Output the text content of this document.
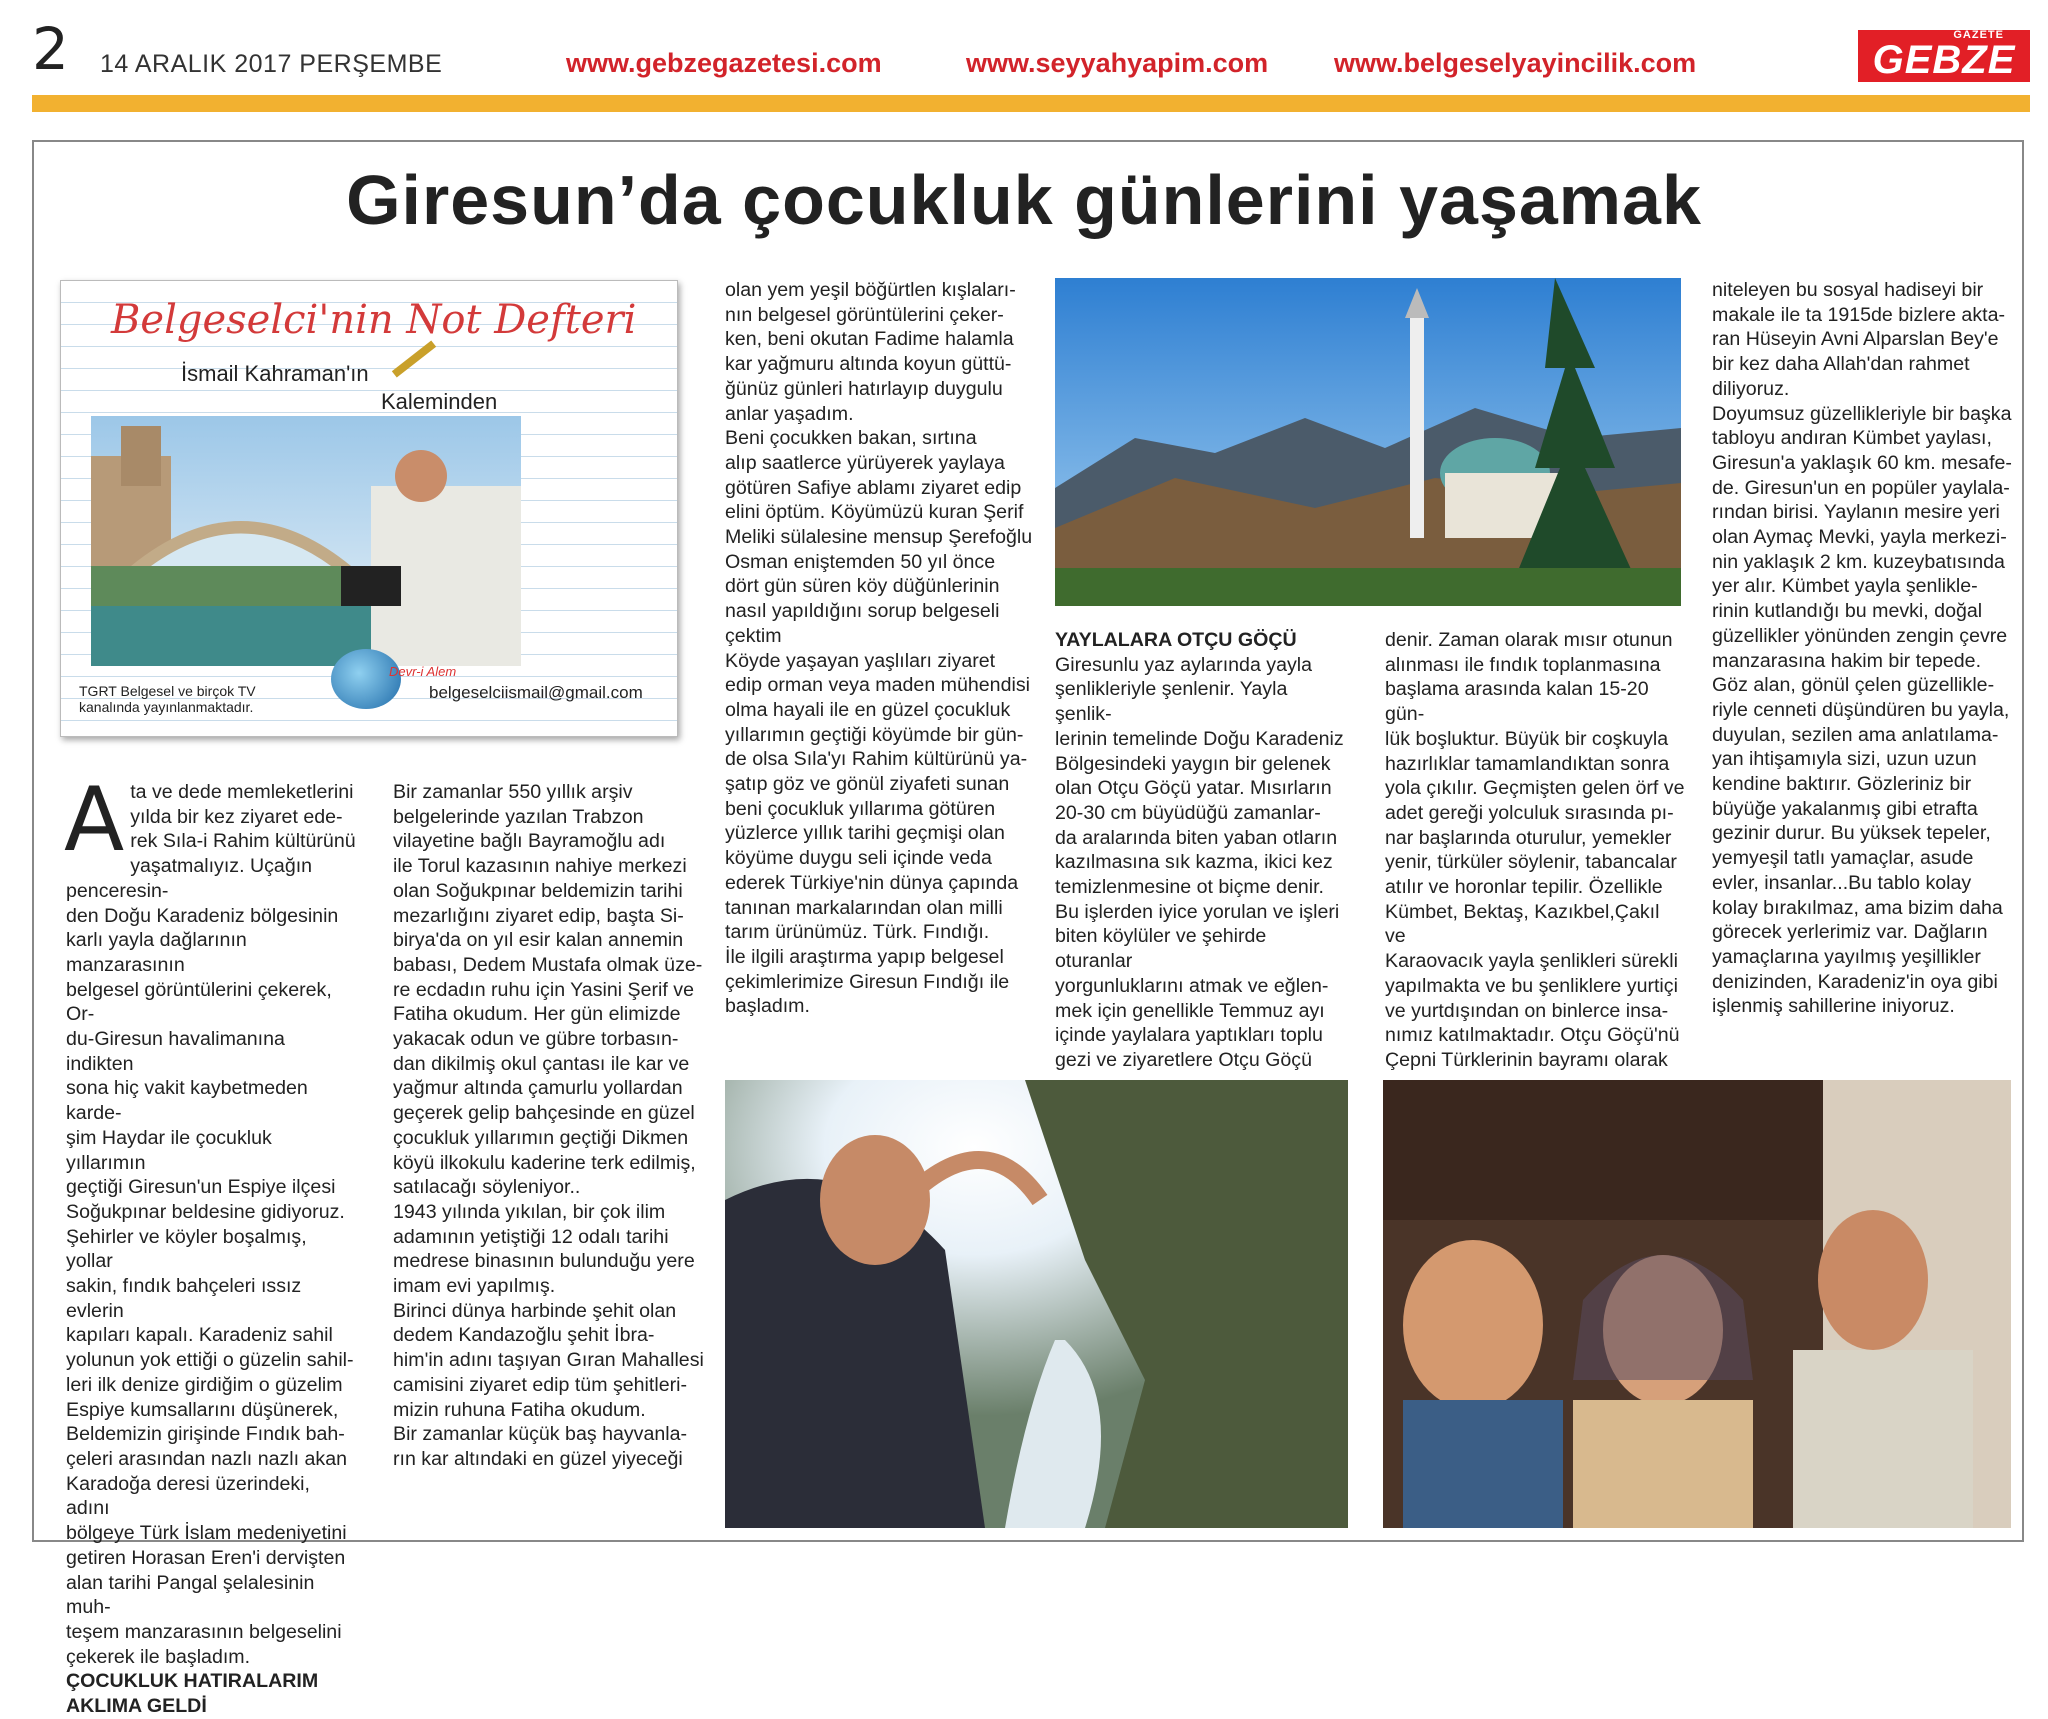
2 14 ARALIK 2017 PERŞEMBE	www.gebzegazetesi.com	www.seyyahyapim.com www.belgeselyayincilik.com
GAZETE
GEBZE
Giresun’da çocukluk günlerini yaşamak
Belgeselci'nin Not Defteri
İsmail Kahraman'ın
Kaleminden
Devr-i Alem
TGRT Belgesel ve birçok TV
kanalında yayınlanmaktadır.
belgeselciismail@gmail.com
A ta ve dede memleketlerini
yılda bir kez ziyaret ede-
rek Sıla-i Rahim kültürünü
yaşatmalıyız. Uçağın penceresin-
den Doğu Karadeniz bölgesinin
karlı yayla dağlarının manzarasının
belgesel görüntülerini çekerek, Or-
du-Giresun havalimanına indikten
sona hiç vakit kaybetmeden karde-
şim Haydar ile çocukluk yıllarımın
geçtiği Giresun'un Espiye ilçesi
Soğukpınar beldesine gidiyoruz.
Şehirler ve köyler boşalmış, yollar
sakin, fındık bahçeleri ıssız evlerin
kapıları kapalı. Karadeniz sahil
yolunun yok ettiği o güzelin sahil-
leri ilk denize girdiğim o güzelim
Espiye kumsallarını düşünerek,
Beldemizin girişinde Fındık bah-
çeleri arasından nazlı nazlı akan
Karadoğa deresi üzerindeki, adını
bölgeye Türk İslam medeniyetini
getiren Horasan Eren'i dervişten
alan tarihi Pangal şelalesinin muh-
teşem manzarasının belgeselini
çekerek ile başladım.
ÇOCUKLUK HATIRALARIM
AKLIMA GELDİ
Bir zamanlar 550 yıllık arşiv
belgelerinde yazılan Trabzon
vilayetine bağlı Bayramoğlu adı
ile Torul kazasının nahiye merkezi
olan Soğukpınar beldemizin tarihi
mezarlığını ziyaret edip, başta Si-
birya'da on yıl esir kalan annemin
babası, Dedem Mustafa olmak üze-
re ecdadın ruhu için Yasini Şerif ve
Fatiha okudum. Her gün elimizde
yakacak odun ve gübre torbasın-
dan dikilmiş okul çantası ile kar ve
yağmur altında çamurlu yollardan
geçerek gelip bahçesinde en güzel
çocukluk yıllarımın geçtiği Dikmen
köyü ilkokulu kaderine terk edilmiş,
satılacağı söyleniyor..
1943 yılında yıkılan, bir çok ilim
adamının yetiştiği 12 odalı tarihi
medrese binasının bulunduğu yere
imam evi yapılmış.
Birinci dünya harbinde şehit olan
dedem Kandazoğlu şehit İbra-
him'in adını taşıyan Gıran Mahallesi
camisini ziyaret edip tüm şehitleri-
mizin ruhuna Fatiha okudum.
Bir zamanlar küçük baş hayvanla-
rın kar altındaki en güzel yiyeceği
olan yem yeşil böğürtlen kışlaları-
nın belgesel görüntülerini çeker-
ken, beni okutan Fadime halamla
kar yağmuru altında koyun güttü-
ğünüz günleri hatırlayıp duygulu
anlar yaşadım.
Beni çocukken bakan, sırtına
alıp saatlerce yürüyerek yaylaya
götüren Safiye ablamı ziyaret edip
elini öptüm. Köyümüzü kuran Şerif
Meliki sülalesine mensup Şerefoğlu
Osman eniştemden 50 yıl önce
dört gün süren köy düğünlerinin
nasıl yapıldığını sorup belgeseli
çektim
Köyde yaşayan yaşlıları ziyaret
edip orman veya maden mühendisi
olma hayali ile en güzel çocukluk
yıllarımın geçtiği köyümde bir gün-
de olsa Sıla'yı Rahim kültürünü ya-
şatıp göz ve gönül ziyafeti sunan
beni çocukluk yıllarıma götüren
yüzlerce yıllık tarihi geçmişi olan
köyüme duygu seli içinde veda
ederek Türkiye'nin dünya çapında
tanınan markalarından olan milli
tarım ürünümüz. Türk. Fındığı.
İle ilgili araştırma yapıp belgesel
çekimlerimize Giresun Fındığı ile
başladım.
YAYLALARA OTÇU GÖÇÜ
Giresunlu yaz aylarında yayla
şenlikleriyle şenlenir. Yayla şenlik-
lerinin temelinde Doğu Karadeniz
Bölgesindeki yaygın bir gelenek
olan Otçu Göçü yatar. Mısırların
20-30 cm büyüdüğü zamanlar-
da aralarında biten yaban otların
kazılmasına sık kazma, ikici kez
temizlenmesine ot biçme denir.
Bu işlerden iyice yorulan ve işleri
biten köylüler ve şehirde oturanlar
yorgunluklarını atmak ve eğlen-
mek için genellikle Temmuz ayı
içinde yaylalara yaptıkları toplu
gezi ve ziyaretlere Otçu Göçü
denir. Zaman olarak mısır otunun
alınması ile fındık toplanmasına
başlama arasında kalan 15-20 gün-
lük boşluktur. Büyük bir coşkuyla
hazırlıklar tamamlandıktan sonra
yola çıkılır. Geçmişten gelen örf ve
adet gereği yolculuk sırasında pı-
nar başlarında oturulur, yemekler
yenir, türküler söylenir, tabancalar
atılır ve horonlar tepilir. Özellikle
Kümbet, Bektaş, Kazıkbel,Çakıl ve
Karaovacık yayla şenlikleri sürekli
yapılmakta ve bu şenliklere yurtiçi
ve yurtdışından on binlerce insa-
nımız katılmaktadır. Otçu Göçü'nü
Çepni Türklerinin bayramı olarak
niteleyen bu sosyal hadiseyi bir
makale ile ta 1915de bizlere akta-
ran Hüseyin Avni Alparslan Bey'e
bir kez daha Allah'dan rahmet
diliyoruz.
Doyumsuz güzellikleriyle bir başka
tabloyu andıran Kümbet yaylası,
Giresun'a yaklaşık 60 km. mesafe-
de. Giresun'un en popüler yaylala-
rından birisi. Yaylanın mesire yeri
olan Aymaç Mevki, yayla merkezi-
nin yaklaşık 2 km. kuzeybatısında
yer alır. Kümbet yayla şenlikle-
rinin kutlandığı bu mevki, doğal
güzellikler yönünden zengin çevre
manzarasına hakim bir tepede.
Göz alan, gönül çelen güzellikle-
riyle cenneti düşündüren bu yayla,
duyulan, sezilen ama anlatılama-
yan ihtişamıyla sizi, uzun uzun
kendine baktırır. Gözleriniz bir
büyüğe yakalanmış gibi etrafta
gezinir durur. Bu yüksek tepeler,
yemyeşil tatlı yamaçlar, asude
evler, insanlar...Bu tablo kolay
kolay bırakılmaz, ama bizim daha
görecek yerlerimiz var. Dağların
yamaçlarına yayılmış yeşillikler
denizinden, Karadeniz'in oya gibi
işlenmiş sahillerine iniyoruz.
